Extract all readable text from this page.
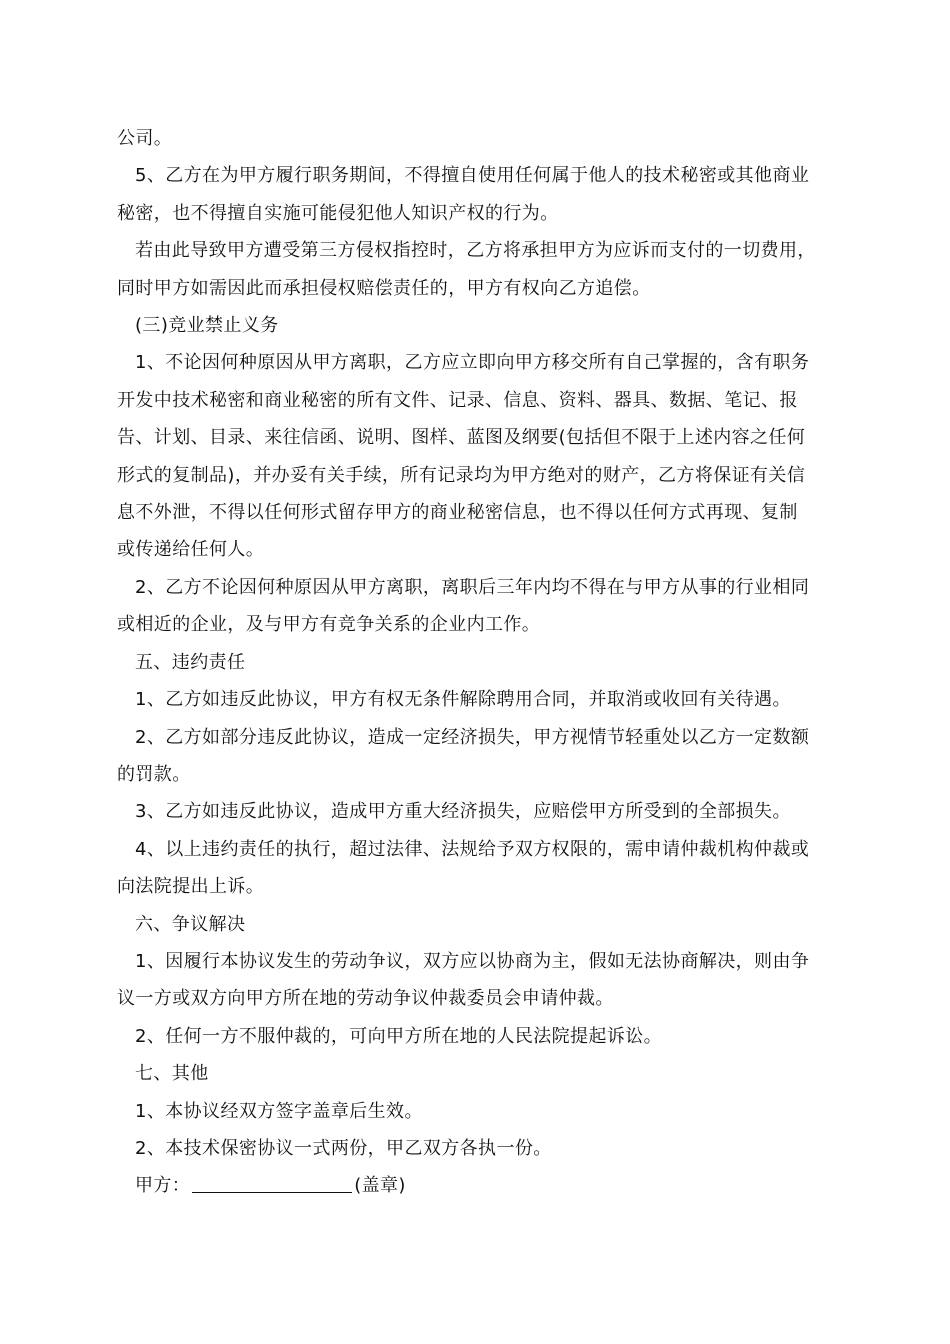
公司。
5、乙方在为甲方履行职务期间，不得擅自使用任何属于他人的技术秘密或其他商业
秘密，也不得擅自实施可能侵犯他人知识产权的行为。
若由此导致甲方遭受第三方侵权指控时，乙方将承担甲方为应诉而支付的一切费用，
同时甲方如需因此而承担侵权赔偿责任的，甲方有权向乙方追偿。
(三)竞业禁止义务
1、不论因何种原因从甲方离职，乙方应立即向甲方移交所有自己掌握的，含有职务
开发中技术秘密和商业秘密的所有文件、记录、信息、资料、器具、数据、笔记、报
告、计划、目录、来往信函、说明、图样、蓝图及纲要(包括但不限于上述内容之任何
形式的复制品)，并办妥有关手续，所有记录均为甲方绝对的财产，乙方将保证有关信
息不外泄，不得以任何形式留存甲方的商业秘密信息，也不得以任何方式再现、复制
或传递给任何人。
2、乙方不论因何种原因从甲方离职，离职后三年内均不得在与甲方从事的行业相同
或相近的企业，及与甲方有竞争关系的企业内工作。
五、违约责任
1、乙方如违反此协议，甲方有权无条件解除聘用合同，并取消或收回有关待遇。
2、乙方如部分违反此协议，造成一定经济损失，甲方视情节轻重处以乙方一定数额
的罚款。
3、乙方如违反此协议，造成甲方重大经济损失，应赔偿甲方所受到的全部损失。
4、以上违约责任的执行，超过法律、法规给予双方权限的，需申请仲裁机构仲裁或
向法院提出上诉。
六、争议解决
1、因履行本协议发生的劳动争议，双方应以协商为主，假如无法协商解决，则由争
议一方或双方向甲方所在地的劳动争议仲裁委员会申请仲裁。
2、任何一方不服仲裁的，可向甲方所在地的人民法院提起诉讼。
七、其他
1、本协议经双方签字盖章后生效。
2、本技术保密协议一式两份，甲乙双方各执一份。
甲方：	(盖章)
